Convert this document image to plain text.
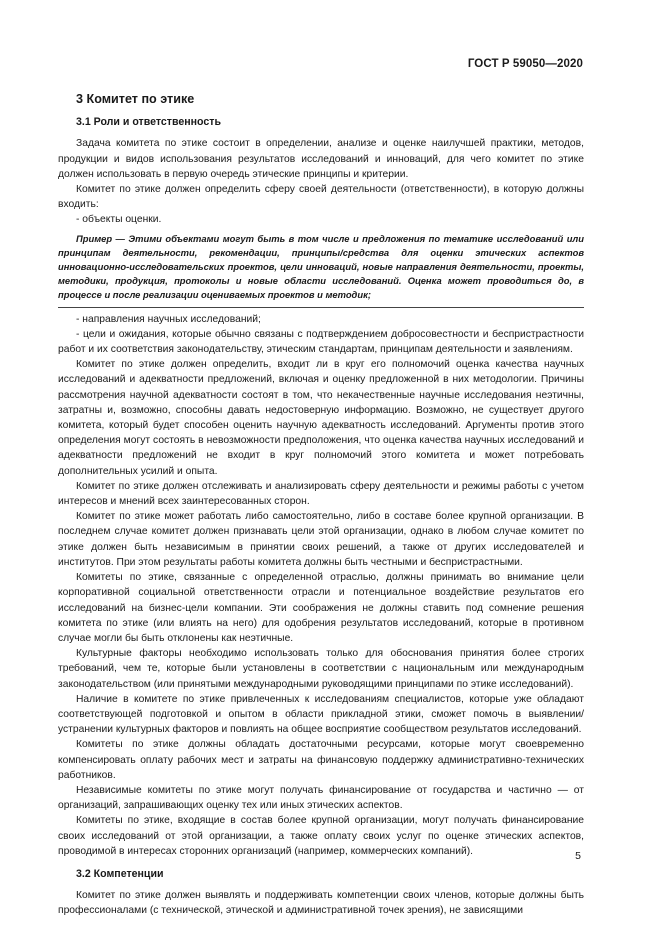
ГОСТ Р 59050—2020
3 Комитет по этике
3.1 Роли и ответственность

Задача комитета по этике состоит в определении, анализе и оценке наилучшей практики, методов, продукции и видов использования результатов исследований и инноваций, для чего комитет по этике должен использовать в первую очередь этические принципы и критерии.

Комитет по этике должен определить сферу своей деятельности (ответственности), в которую должны входить:

- объекты оценки.

Пример — Этими объектами могут быть в том числе и предложения по тематике исследований или принципам деятельности, рекомендации, принципы/средства для оценки этических аспектов инновационно-исследовательских проектов, цели инноваций, новые направления деятельности, проекты, методики, продукция, протоколы и новые области исследований. Оценка может проводиться до, в процессе и после реализации оцениваемых проектов и методик;

- направления научных исследований;

- цели и ожидания, которые обычно связаны с подтверждением добросовестности и беспристрастности работ и их соответствия законодательству, этическим стандартам, принципам деятельности и заявлениям.

Комитет по этике должен определить, входит ли в круг его полномочий оценка качества научных исследований и адекватности предложений, включая и оценку предложенной в них методологии. Причины рассмотрения научной адекватности состоят в том, что некачественные научные исследования неэтичны, затратны и, возможно, способны давать недостоверную информацию. Возможно, не существует другого комитета, который будет способен оценить научную адекватность исследований. Аргументы против этого определения могут состоять в невозможности предположения, что оценка качества научных исследований и адекватности предложений не входит в круг полномочий этого комитета и может потребовать дополнительных усилий и опыта.

Комитет по этике должен отслеживать и анализировать сферу деятельности и режимы работы с учетом интересов и мнений всех заинтересованных сторон.

Комитет по этике может работать либо самостоятельно, либо в составе более крупной организации. В последнем случае комитет должен признавать цели этой организации, однако в любом случае комитет по этике должен быть независимым в принятии своих решений, а также от других исследователей и институтов. При этом результаты работы комитета должны быть честными и беспристрастными.

Комитеты по этике, связанные с определенной отраслью, должны принимать во внимание цели корпоративной социальной ответственности отрасли и потенциальное воздействие результатов его исследований на бизнес-цели компании. Эти соображения не должны ставить под сомнение решения комитета по этике (или влиять на него) для одобрения результатов исследований, которые в противном случае могли бы быть отклонены как неэтичные.

Культурные факторы необходимо использовать только для обоснования принятия более строгих требований, чем те, которые были установлены в соответствии с национальным или международным законодательством (или принятыми международными руководящими принципами по этике исследований).

Наличие в комитете по этике привлеченных к исследованиям специалистов, которые уже обладают соответствующей подготовкой и опытом в области прикладной этики, сможет помочь в выявлении/устранении культурных факторов и повлиять на общее восприятие сообществом результатов исследований.

Комитеты по этике должны обладать достаточными ресурсами, которые могут своевременно компенсировать оплату рабочих мест и затраты на финансовую поддержку административно-технических работников.

Независимые комитеты по этике могут получать финансирование от государства и частично — от организаций, запрашивающих оценку тех или иных этических аспектов.

Комитеты по этике, входящие в состав более крупной организации, могут получать финансирование своих исследований от этой организации, а также оплату своих услуг по оценке этических аспектов, проводимой в интересах сторонних организаций (например, коммерческих компаний).

3.2 Компетенции

Комитет по этике должен выявлять и поддерживать компетенции своих членов, которые должны быть профессионалами (с технической, этической и административной точек зрения), не зависящими

5
